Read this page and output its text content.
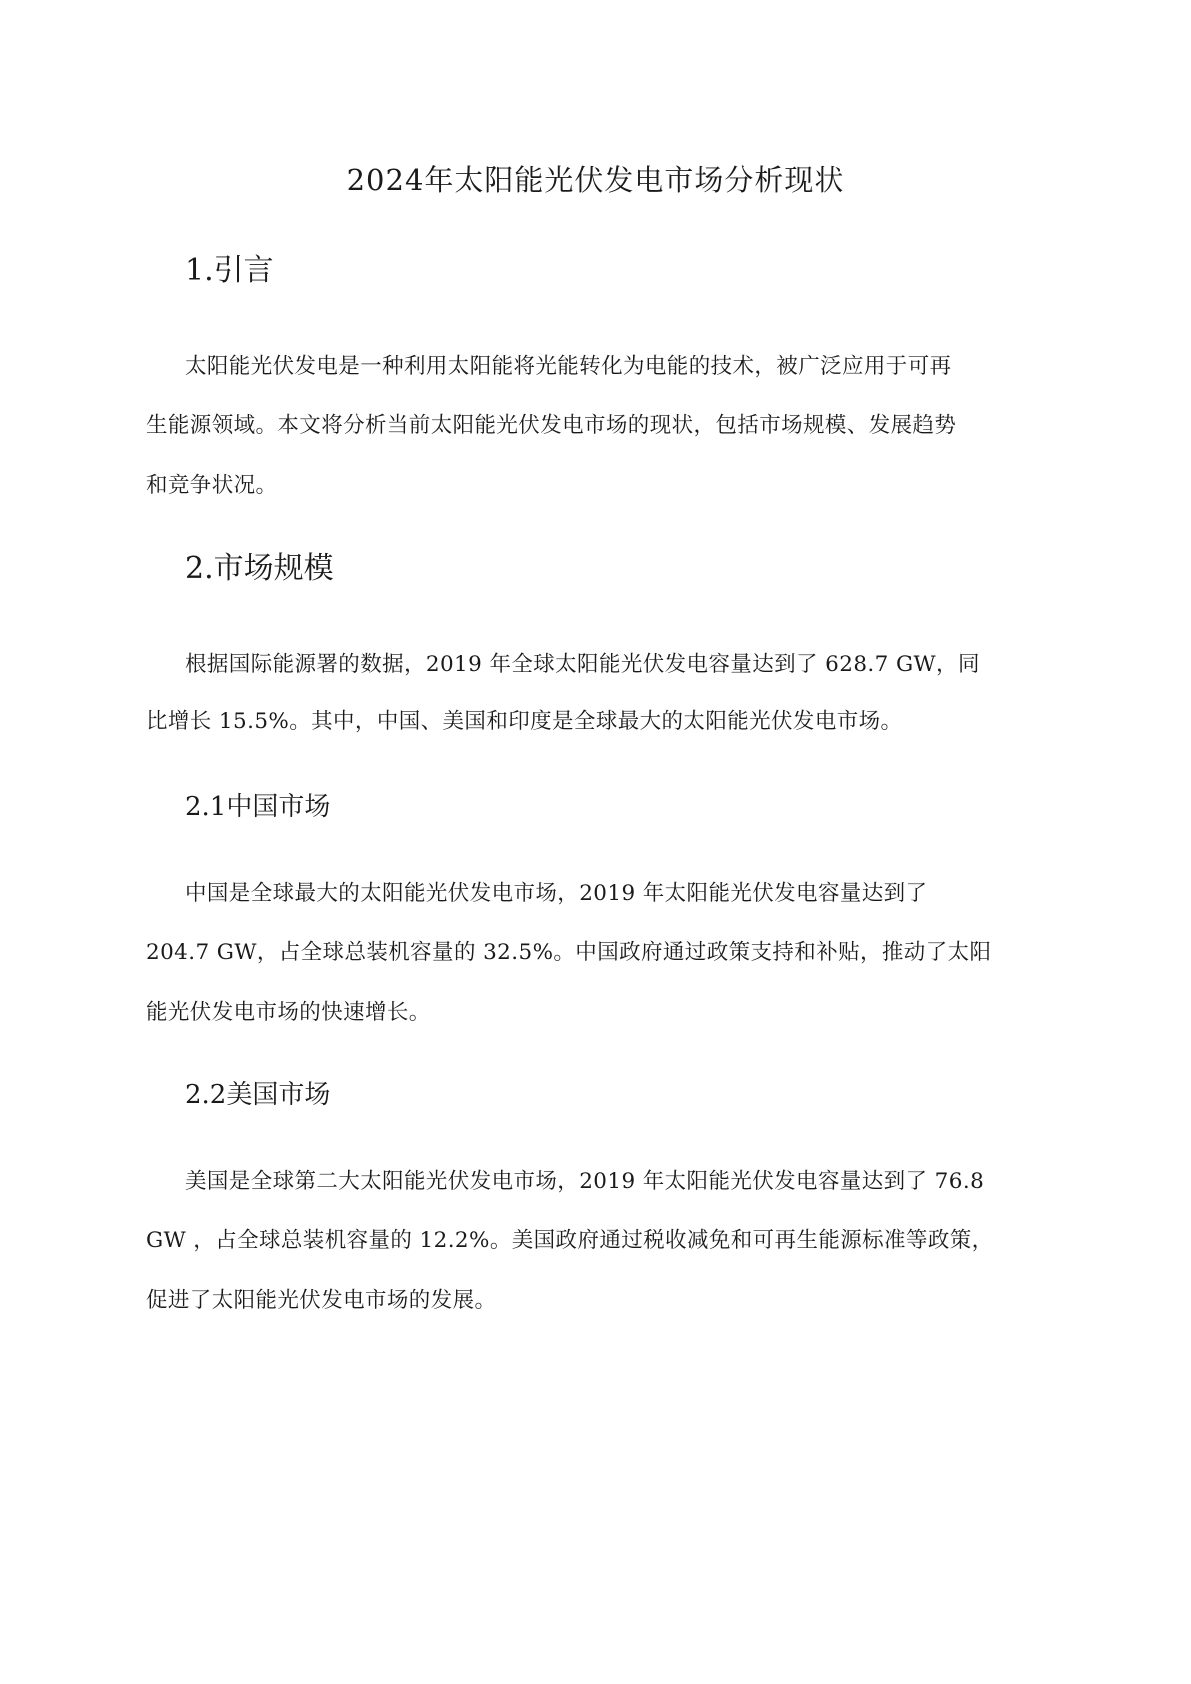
2024年太阳能光伏发电市场分析现状
1.引言
太阳能光伏发电是一种利用太阳能将光能转化为电能的技术，被广泛应用于可再
生能源领域。本文将分析当前太阳能光伏发电市场的现状，包括市场规模、发展趋势
和竞争状况。
2.市场规模
根据国际能源署的数据，2019 年全球太阳能光伏发电容量达到了 628.7 GW，同
比增长 15.5%。其中，中国、美国和印度是全球最大的太阳能光伏发电市场。
2.1中国市场
中国是全球最大的太阳能光伏发电市场，2019 年太阳能光伏发电容量达到了
204.7 GW，占全球总装机容量的 32.5%。中国政府通过政策支持和补贴，推动了太阳
能光伏发电市场的快速增长。
2.2美国市场
美国是全球第二大太阳能光伏发电市场，2019 年太阳能光伏发电容量达到了 76.8
GW ，占全球总装机容量的 12.2%。美国政府通过税收减免和可再生能源标准等政策，
促进了太阳能光伏发电市场的发展。
